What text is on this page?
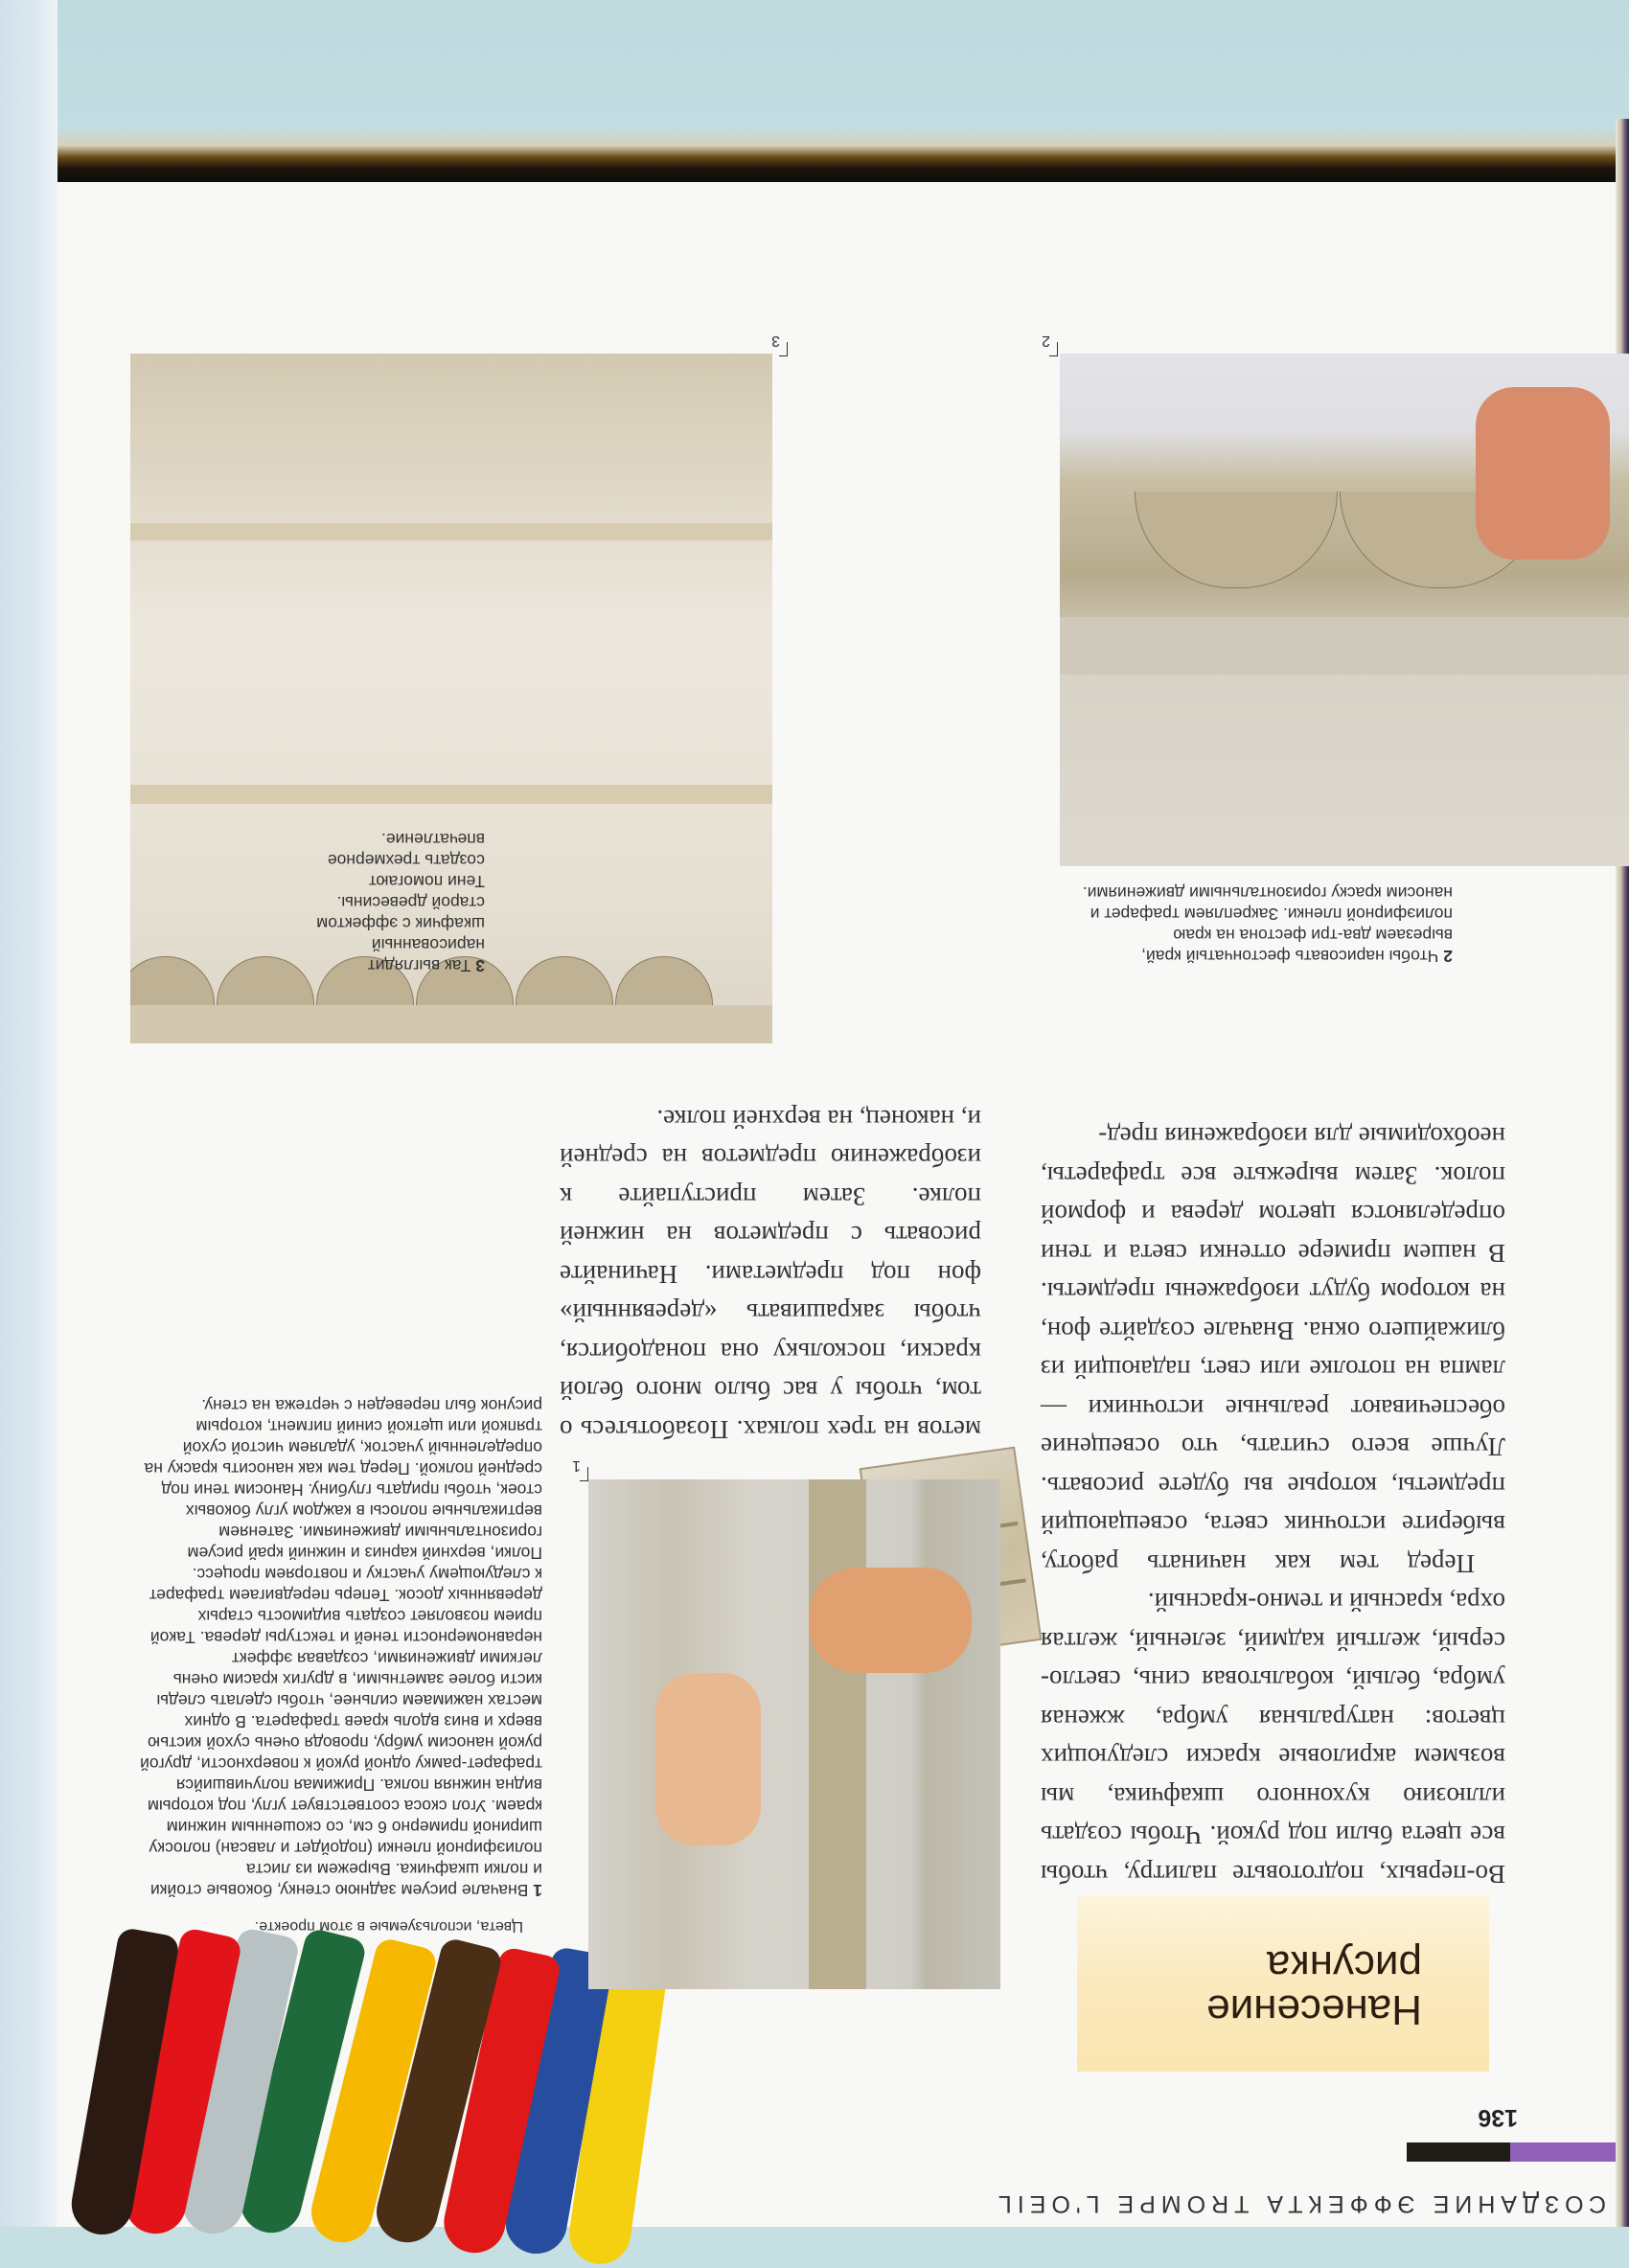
СОЗДАНИЕ ЭФФЕКТА TROMPE L'OEIL
136
Нанесение
рисунка
Цвета, используемые в этом проекте.

Во-первых, подготовьте палитру, чтобы все цвета были под рукой. Чтобы создать иллюзию кухонного шкафчика, мы возьмем акриловые краски следующих цветов: натуральная умбра, жженая умбра, белый, кобальтовая синь, светло-серый, желтый кадмий, зеленый, желтая охра, красный и темно-красный.

Перед тем как начинать работу, выберите источник света, освещающий предметы, которые вы будете рисовать. Лучше всего считать, что освещение обеспечивают реальные источники — лампа на потолке или свет, падающий из ближайшего окна. Вначале создайте фон, на котором будут изображены предметы. В нашем примере оттенки света и тени определяются цветом дерева и формой полок. Затем вырежьте все трафареты, необходимые для изображения пред-

метов на трех полках. Позаботьтесь о том, чтобы у вас было много белой краски, поскольку она понадобится, чтобы закрашивать «деревянный» фон под предметами. Начинайте рисовать с предметов на нижней полке. Затем приступайте к изображению предметов на средней и, наконец, на верхней полке.

1
2
3
1 Вначале рисуем заднюю стенку, боковые стойки и полки шкафчика. Вырежем из листа полиэфирной пленки (подойдет и лавсан) полоску шириной примерно 6 см, со скошенным нижним краем. Угол скоса соответствует углу, под которым видна нижняя полка. Прижимая получившийся трафарет-рамку одной рукой к поверхности, другой рукой наносим умбру, проводя очень сухой кистью вверх и вниз вдоль краев трафарета. В одних местах нажимаем сильнее, чтобы сделать следы кисти более заметными, в других красим очень легкими движениями, создавая эффект неравномерности теней и текстуры дерева. Такой прием позволяет создать видимость старых деревянных досок. Теперь передвигаем трафарет к следующему участку и повторяем процесс. Полки, верхний карниз и нижний край рисуем горизонтальными движениями. Затеняем вертикальные полосы в каждом углу боковых стоек, чтобы придать глубину. Наносим тени под средней полкой. Перед тем как наносить краску на определенный участок, удаляем чистой сухой тряпкой или щеткой синий пигмент, которым рисунок был переведен с чертежа на стену.
2 Чтобы нарисовать фестончатый край, вырезаем два-три фестона на краю полиэфирной пленки. Закрепляем трафарет и наносим краску горизонтальными движениями.
3 Так выглядит нарисованный шкафчик с эффектом старой древесины. Тени помогают создать трехмерное впечатление.
